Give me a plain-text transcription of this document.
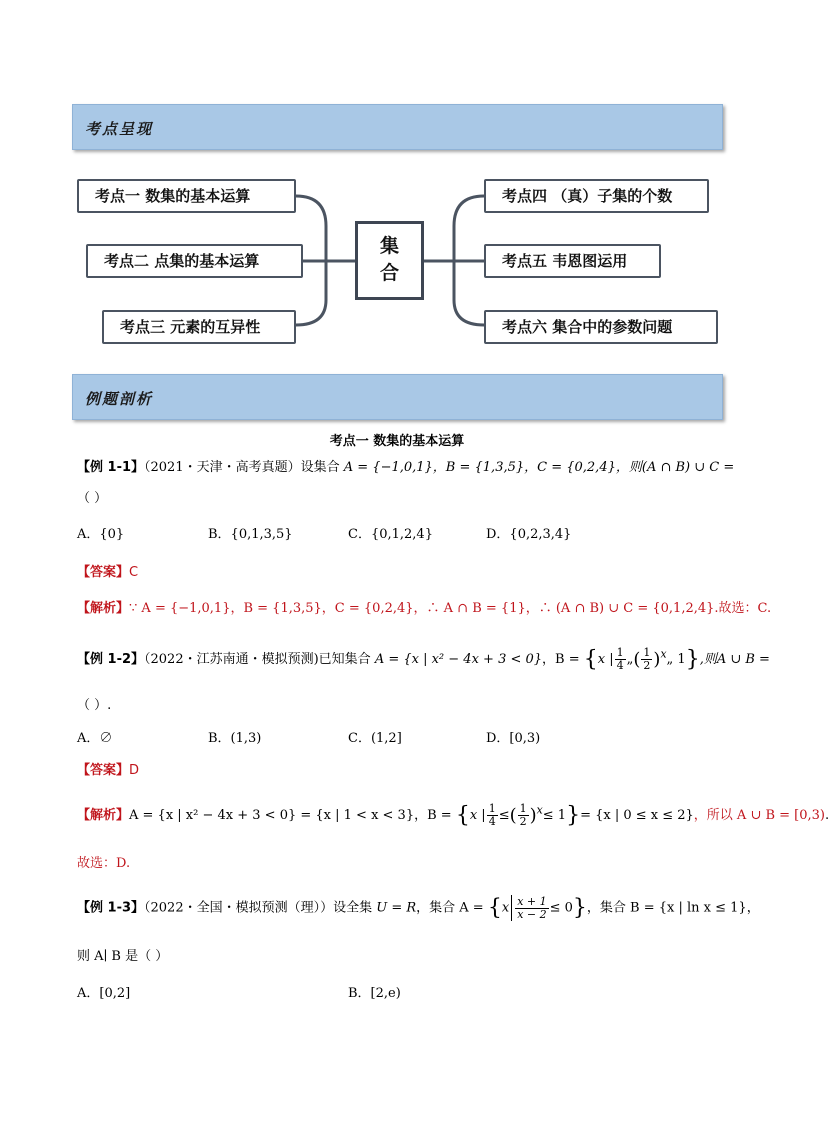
考点呈现
考点一 数集的基本运算
考点二 点集的基本运算
考点三 元素的互异性
集
合
考点四 （真）子集的个数
考点五 韦恩图运用
考点六 集合中的参数问题
例题剖析
考点一 数集的基本运算
【例 1-1】（2021・天津・高考真题）设集合 A = {−1,0,1}，B = {1,3,5}，C = {0,2,4}，则(A ∩ B) ∪ C =
（ ）
A．{0}	B．{0,1,3,5}	C．{0,1,2,4}	D．{0,2,3,4}
【答案】C
【解析】∵ A = {−1,0,1}，B = {1,3,5}，C = {0,2,4}，∴ A ∩ B = {1}，∴ (A ∩ B) ∪ C = {0,1,2,4}.故选：C.
【例 1-2】（2022・江苏南通・模拟预测)已知集合 A = {x | x² − 4x + 3 < 0}，B = {x | $\frac{1}{4}$ „( $\frac{1}{2}$ )$^x$„ 1},则A ∪ B =
（ ）.
A．∅	B．(1,3)	C．(1,2]	D．[0,3)
【答案】D
【解析】A = {x | x² − 4x + 3 < 0} = {x | 1 < x < 3}，B = {x | $\frac{1}{4}$ ≤( $\frac{1}{2} )^x\le 1\}= \{x$ | 0 ≤ x ≤ 2}，所以 A ∪ B = [0,3).
故选：D.
【例 1-3】（2022・全国・模拟预测（理））设全集 U = R，集合 $A = \{x \frac{x + 1}{x - 2} \le 0\}$，集合 B = {x | ln x ≤ 1}，
则 A∣ B 是（ ）
A．[0,2]	B．[2,e)
